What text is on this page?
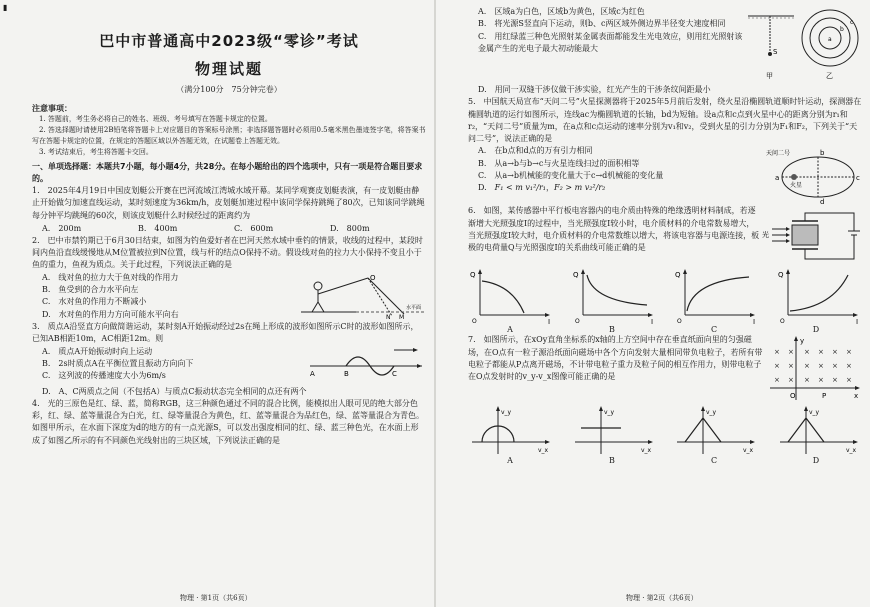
▮
巴中市普通高中2023级“零诊”考试
物理试题
（满分100分　75分钟完卷）
注意事项：
　1. 答题前，考生务必将自己的姓名、班级、考号填写在答题卡规定的位置。
　2. 答选择题时请使用2B铅笔将答题卡上对应题目的答案标号涂黑；非选择题答题时必须用0.5毫米黑色墨迹签字笔，将答案书写在答题卡规定的位置，在规定的答题区域以外答题无效，在试题卷上答题无效。
　3. 考试结束后，考生将答题卡交回。
一、单项选择题：本题共7小题，每小题4分，共28分。在每小题给出的四个选项中，只有一项是符合题目要求的。
1.　2025年4月19日中国皮划艇公开赛在巴河流域江湾城水域开幕。某同学观赛皮划艇表演，有一皮划艇由静止开始做匀加速直线运动，某时刻速度为36km/h，皮划艇加速过程中该同学保持跳绳了80次，已知该同学跳绳每分钟平均跳绳的60次，则该皮划艇什么时候经过的距离约为
A.　200m	B.　400m	C.　600m	D.　800m
2.　巴中市禁钓期已于6月30日结束，如图为钓鱼爱好者在巴河天然水域中垂钓的情景，收线的过程中，某段时间内鱼沿直线缓慢地从M位置被拉到N位置，线与杆的结点O保持不动。假设线对鱼的拉力大小保持不变且小于鱼的重力，鱼视为质点。关于此过程，下列说法正确的是
A.　线对鱼的拉力大于鱼对线的作用力
B.　鱼受到的合力水平向左
C.　水对鱼的作用力不断减小
D.　水对鱼的作用力方向可能水平向右
O
N M
水平面
3.　质点A沿竖直方向做简谐运动，某时刻A开始振动经过2s在绳上形成的波形如图所示C时的波形如图所示，已知AB相距10m，AC相距12m。则
A.　质点A开始振动时向上运动
B.　2s时质点A在平衡位置且振动方向向下
C.　这列波的传播速度大小为6m/s	A	B	C
D.　A、C两质点之间（不包括A）与质点C振动状态完全相同的点还有两个
4.　光的三原色是红、绿、蓝，简称RGB，这三种颜色通过不同的混合比例，能模拟出人眼可见的绝大部分色彩，红、绿、蓝等量混合为白光，红、绿等量混合为黄色，红、蓝等量混合为品红色，绿、蓝等量混合为青色。如图甲所示，在水面下深度为d的地方的有一点光源S，可以发出强度相同的红、绿、蓝三种色光，在水面上形成了如图乙所示的有不同颜色光线射出的三块区域，下列说法正确的是
物理 · 第1页（共6页）
A.　区域a为白色，区域b为黄色，区域c为红色
B.　将光源S竖直向下运动，则b、c两区域外侧边界半径变大速度相同
C.　用红绿蓝三种色光照射某金属表面都能发生光电效应，则用红光照射该金属产生的光电子最大初动能最大	S
甲
a
b
c
乙
D.　用同一双缝干涉仪做干涉实验，红光产生的干涉条纹间距最小
5.　中国航天局宣布“天问二号”火星探测器将于2025年5月前后发射，绕火星沿椭圆轨道顺时针运动，探测器在椭圆轨道的运行如图所示，连线ac为椭圆轨道的长轴，bd为短轴。设a点和c点到火星中心的距离分别为r₁和r₂，“天问二号”质量为m，在a点和c点运动的速率分别为v₁和v₂，受到火星的引力分别为F₁和F₂，下列关于“天问二号”，说法正确的是
A.　在b点和d点的万有引力相同
B.　从a→b与b→c与火星连线扫过的面积相等
C.　从a→b机械能的变化量大于c→d机械能的变化量
D.　F₁ < m v₁²/r₁，F₂ > m v₂²/r₂
天问二号
a
b
c
d
火星
6.　如图，某传感器中平行板电容器内的电介质由特殊的绝缘透明材料制成，若逐渐增大光照强度I的过程中，当光照强度I较小时，电介质材料的介电常数易增大，当光照强度I较大时，电介质材料的介电常数维以增大，将该电容器与电源连接，板极的电荷量Q与光照强度I的关系曲线可能正确的是
光
Q
I
O
Q
I
O
Q
I
O
Q
I
O
A	B	C	D
7.　如图所示，在xOy直角坐标系的x轴的上方空间中存在垂直纸面向里的匀强磁场，在O点有一粒子源沿纸面向磁场中各个方向发射大量相同带负电粒子，若所有带电粒子都能从P点离开磁场，不计带电粒子重力及粒子间的相互作用力，则带电粒子在O点发射时的v_y-v_x图像可能正确的是
y
x
O	P
× × × × × ×
× × × × × ×
× × × × × ×
v_y
v_x
v_y
v_x
v_y
v_x
v_y
v_x
A	B	C	D
物理 · 第2页（共6页）
